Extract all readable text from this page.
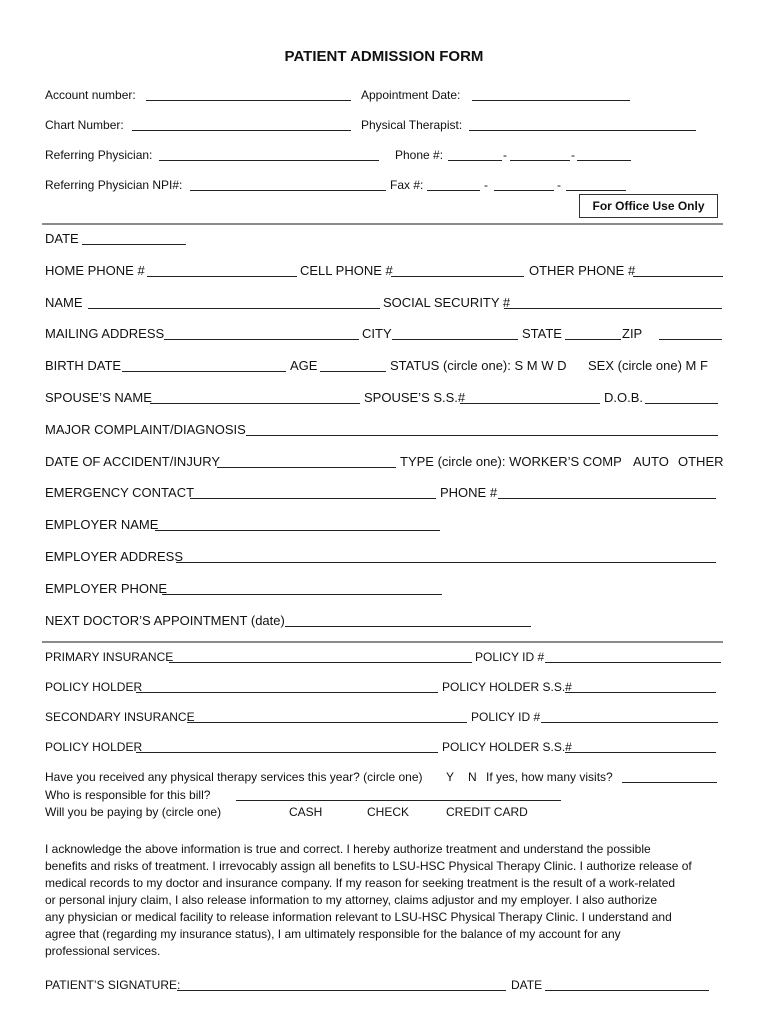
PATIENT ADMISSION FORM
Account number:	Appointment Date:
Chart Number:	Physical Therapist:
Referring Physician:	Phone #:	-	-
Referring Physician NPI#:	Fax #:	-	-
For Office Use Only
DATE
HOME PHONE #	CELL PHONE #	OTHER PHONE #
NAME	SOCIAL SECURITY #
MAILING ADDRESS	CITY	STATE	ZIP
BIRTH DATE	AGE	STATUS (circle one): S M W D SEX (circle one) M F
SPOUSE’S NAME	SPOUSE’S S.S.#	D.O.B.
MAJOR COMPLAINT/DIAGNOSIS
DATE OF ACCIDENT/INJURY	TYPE (circle one): WORKER’S COMP AUTO OTHER
EMERGENCY CONTACT	PHONE #
EMPLOYER NAME
EMPLOYER ADDRESS
EMPLOYER PHONE
NEXT DOCTOR’S APPOINTMENT (date)
PRIMARY INSURANCE	POLICY ID #
POLICY HOLDER	POLICY HOLDER S.S.#
SECONDARY INSURANCE	POLICY ID #
POLICY HOLDER	POLICY HOLDER S.S.#
Have you received any physical therapy services this year? (circle one) Y N If yes, how many visits?
Who is responsible for this bill?
Will you be paying by (circle one)	CASH	CHECK	CREDIT CARD
I acknowledge the above information is true and correct. I hereby authorize treatment and understand the possible
benefits and risks of treatment. I irrevocably assign all benefits to LSU-HSC Physical Therapy Clinic. I authorize release of
medical records to my doctor and insurance company. If my reason for seeking treatment is the result of a work-related
or personal injury claim, I also release information to my attorney, claims adjustor and my employer. I also authorize
any physician or medical facility to release information relevant to LSU-HSC Physical Therapy Clinic. I understand and
agree that (regarding my insurance status), I am ultimately responsible for the balance of my account for any
professional services.
PATIENT’S SIGNATURE:	DATE
